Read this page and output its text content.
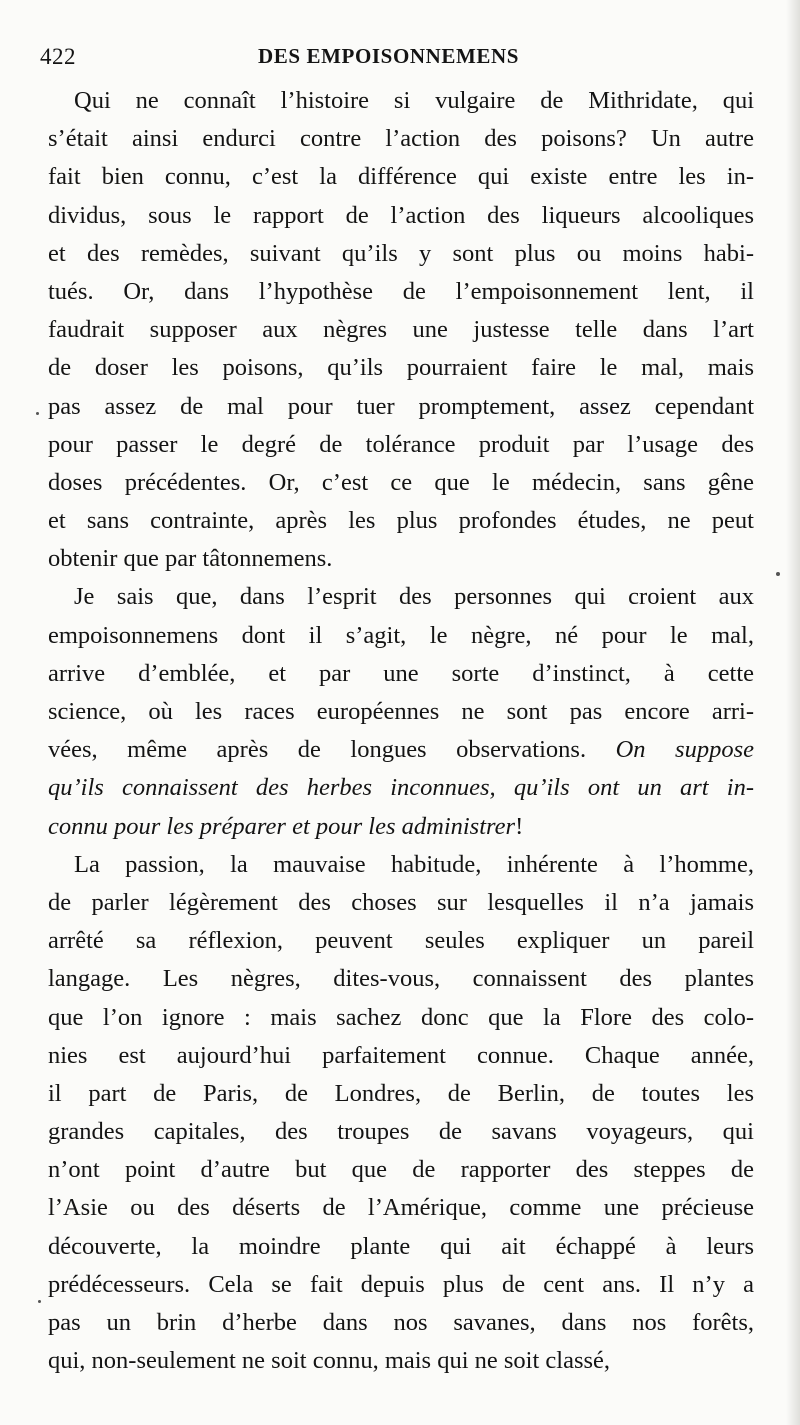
422	DES EMPOISONNEMENS
Qui ne connaît l’histoire si vulgaire de Mithridate, qui
s’était ainsi endurci contre l’action des poisons? Un autre
fait bien connu, c’est la différence qui existe entre les in-
dividus, sous le rapport de l’action des liqueurs alcooliques
et des remèdes, suivant qu’ils y sont plus ou moins habi-
tués. Or, dans l’hypothèse de l’empoisonnement lent, il
faudrait supposer aux nègres une justesse telle dans l’art
de doser les poisons, qu’ils pourraient faire le mal, mais
pas assez de mal pour tuer promptement, assez cependant
pour passer le degré de tolérance produit par l’usage des
doses précédentes. Or, c’est ce que le médecin, sans gêne
et sans contrainte, après les plus profondes études, ne peut
obtenir que par tâtonnemens.
Je sais que, dans l’esprit des personnes qui croient aux
empoisonnemens dont il s’agit, le nègre, né pour le mal,
arrive d’emblée, et par une sorte d’instinct, à cette
science, où les races européennes ne sont pas encore arri-
vées, même après de longues observations. On suppose
qu’ils connaissent des herbes inconnues, qu’ils ont un art in-
connu pour les préparer et pour les administrer!
La passion, la mauvaise habitude, inhérente à l’homme,
de parler légèrement des choses sur lesquelles il n’a jamais
arrêté sa réflexion, peuvent seules expliquer un pareil
langage. Les nègres, dites-vous, connaissent des plantes
que l’on ignore : mais sachez donc que la Flore des colo-
nies est aujourd’hui parfaitement connue. Chaque année,
il part de Paris, de Londres, de Berlin, de toutes les
grandes capitales, des troupes de savans voyageurs, qui
n’ont point d’autre but que de rapporter des steppes de
l’Asie ou des déserts de l’Amérique, comme une précieuse
découverte, la moindre plante qui ait échappé à leurs
prédécesseurs. Cela se fait depuis plus de cent ans. Il n’y a
pas un brin d’herbe dans nos savanes, dans nos forêts,
qui, non-seulement ne soit connu, mais qui ne soit classé,
